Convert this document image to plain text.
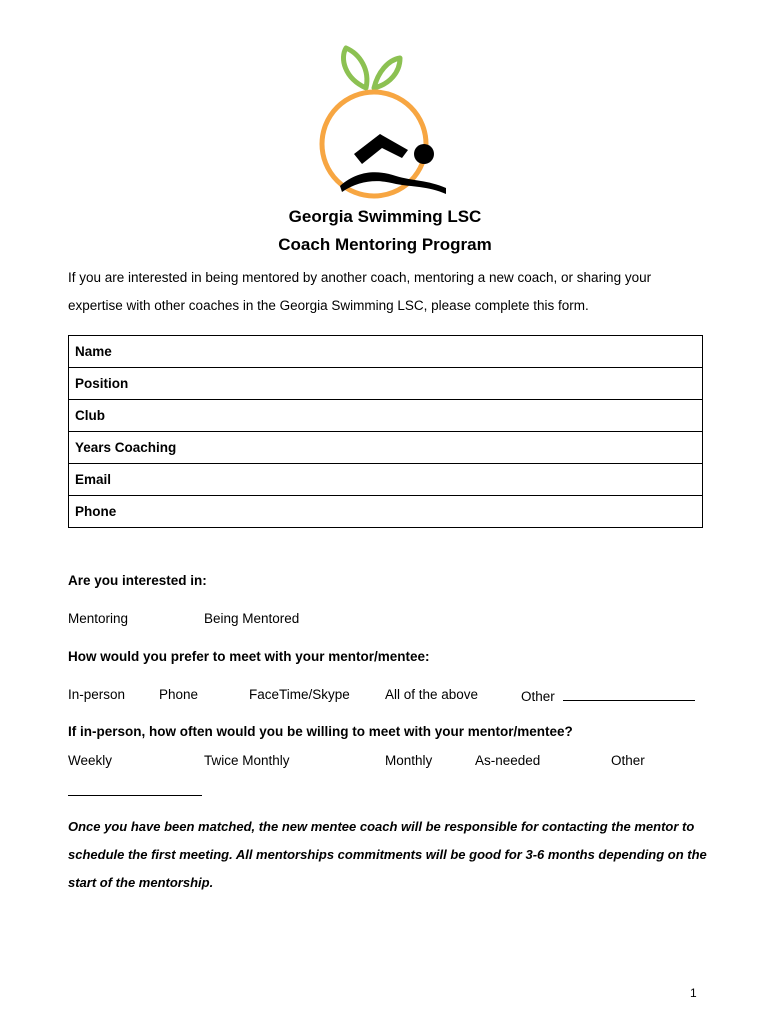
Georgia Swimming LSC
Coach Mentoring Program
If you are interested in being mentored by another coach, mentoring a new coach, or sharing your
expertise with other coaches in the Georgia Swimming LSC, please complete this form.
Name
Position
Club
Years Coaching
Email
Phone
Are you interested in:
Mentoring	Being Mentored
How would you prefer to meet with your mentor/mentee:
In-person	Phone	FaceTime/Skype	All of the above	Other
If in-person, how often would you be willing to meet with your mentor/mentee?
Weekly	Twice Monthly	Monthly	As-needed	Other
Once you have been matched, the new mentee coach will be responsible for contacting the mentor to
schedule the first meeting. All mentorships commitments will be good for 3-6 months depending on the
start of the mentorship.
1
